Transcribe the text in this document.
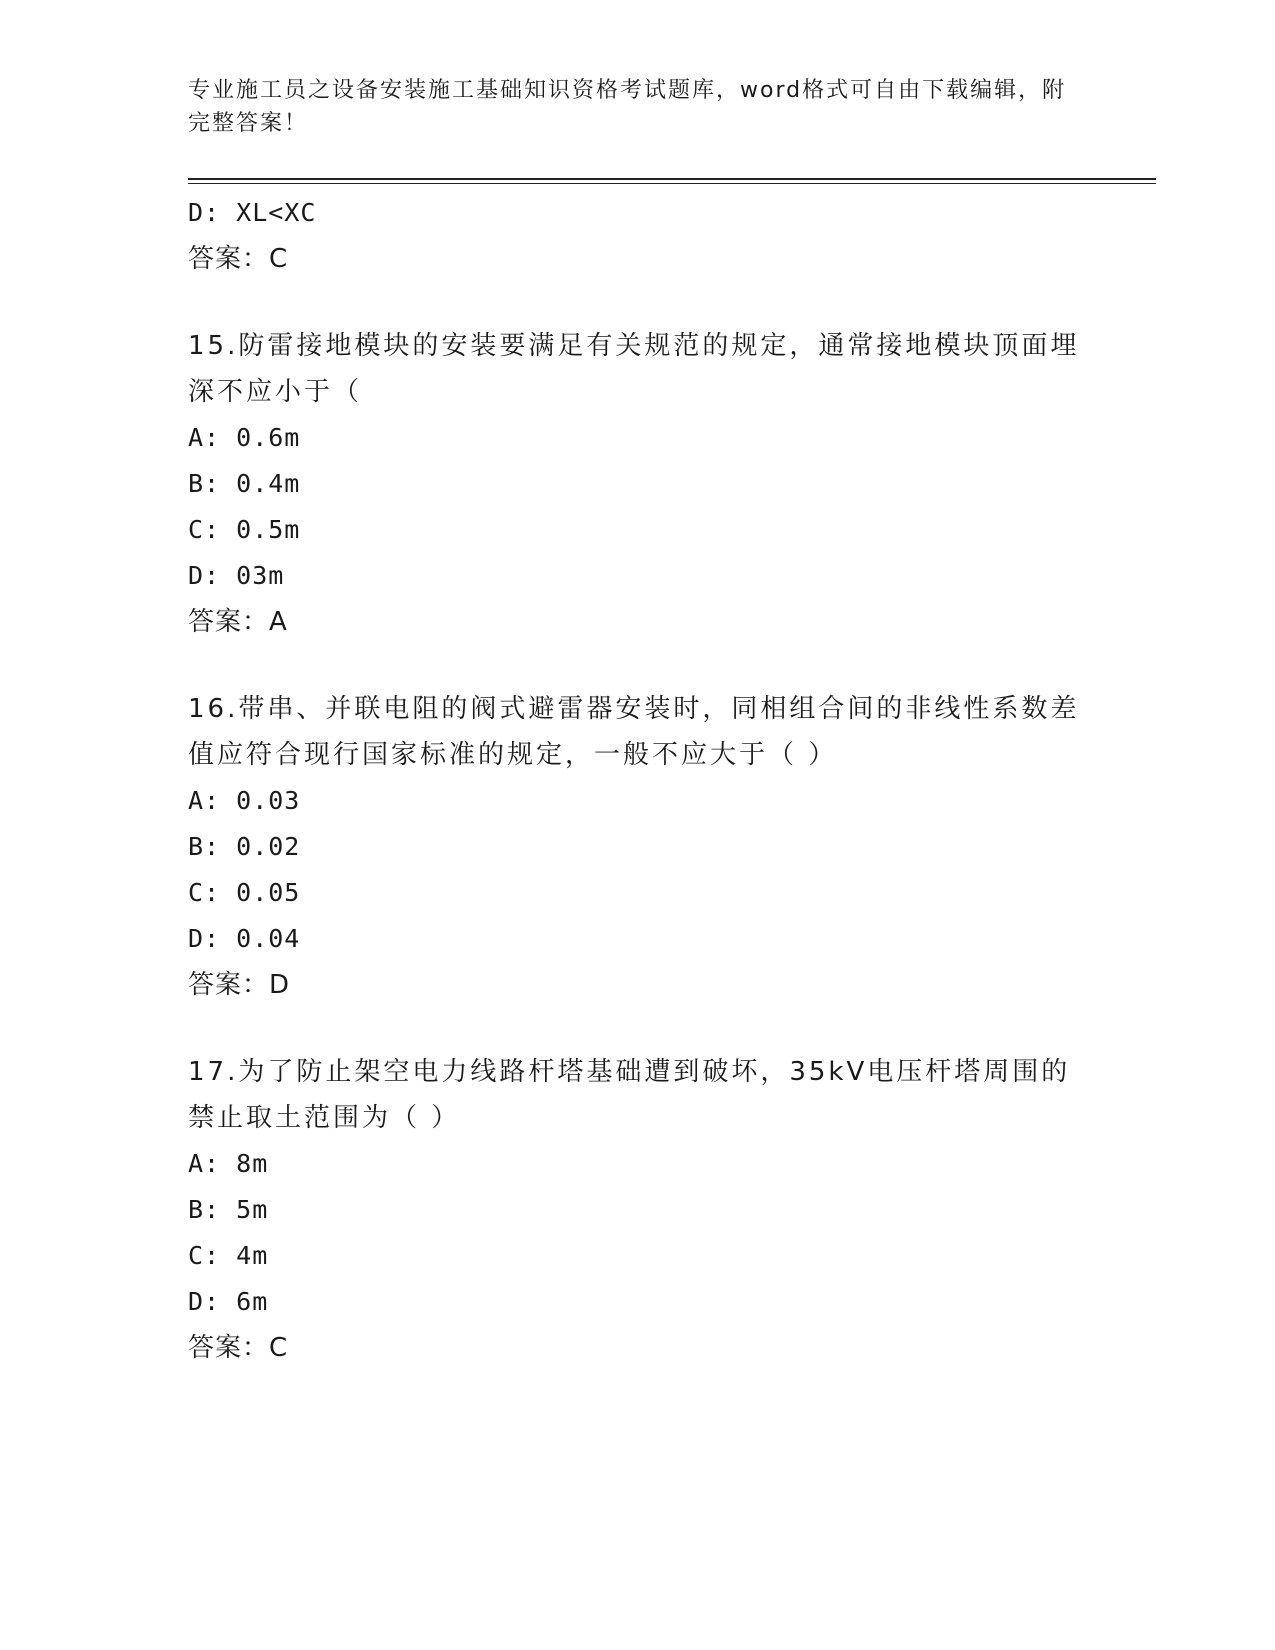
专业施工员之设备安装施工基础知识资格考试题库，word格式可自由下载编辑，附完整答案！
D: XL<XC
答案：C
15.防雷接地模块的安装要满足有关规范的规定，通常接地模块顶面埋深不应小于（
A: 0.6m
B: 0.4m
C: 0.5m
D: 03m
答案：A
16.带串、并联电阻的阀式避雷器安装时，同相组合间的非线性系数差值应符合现行国家标准的规定，一般不应大于（ ）
A: 0.03
B: 0.02
C: 0.05
D: 0.04
答案：D
17.为了防止架空电力线路杆塔基础遭到破坏，35kV电压杆塔周围的禁止取土范围为（ ）
A: 8m
B: 5m
C: 4m
D: 6m
答案：C
